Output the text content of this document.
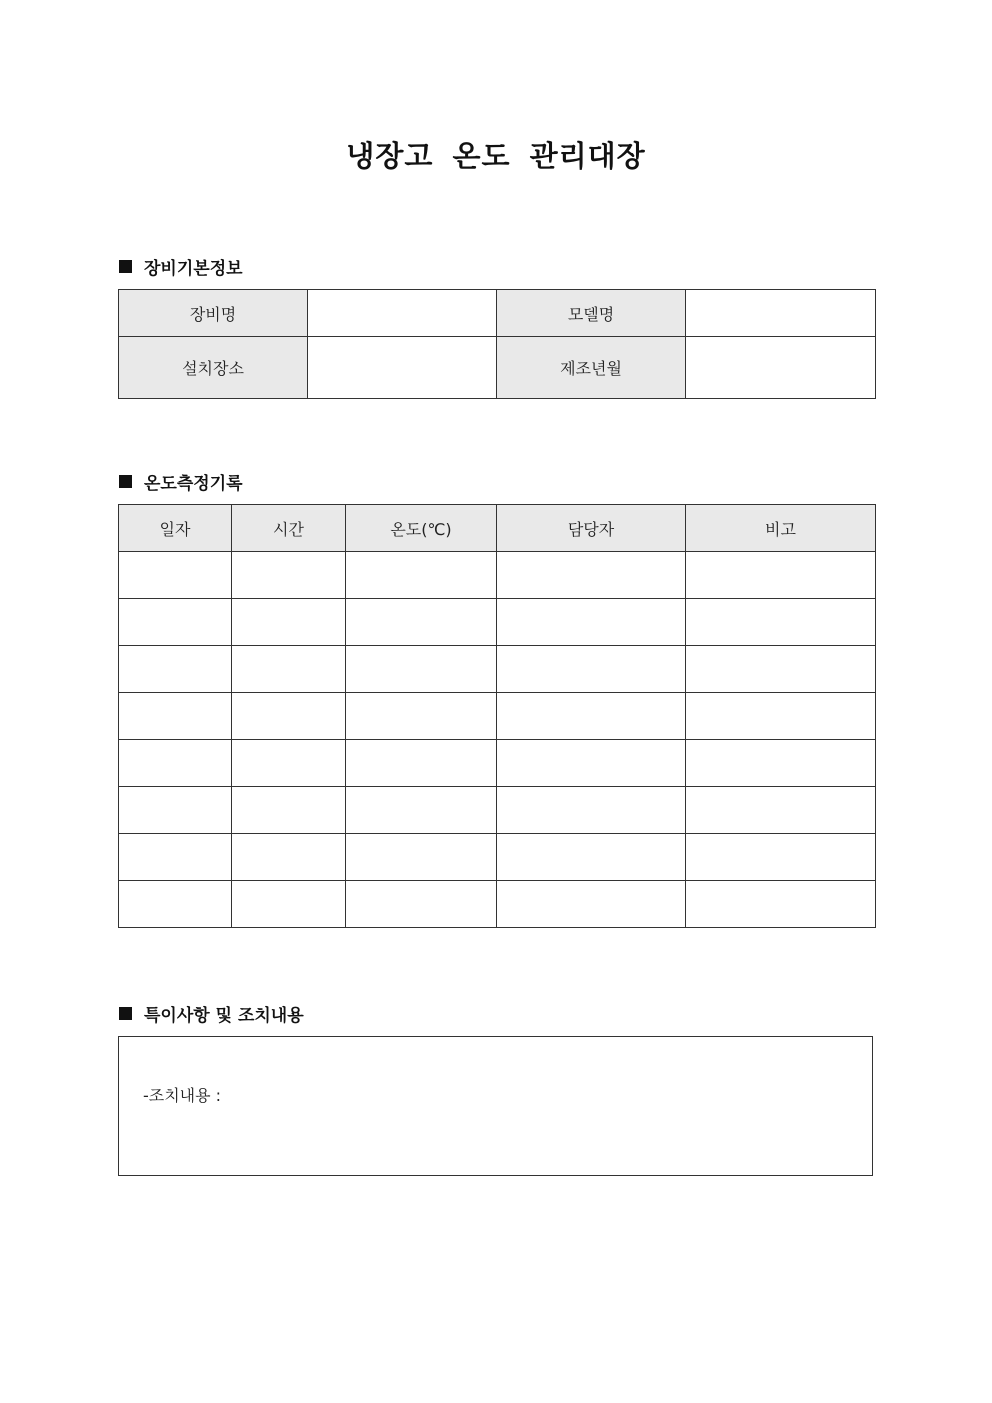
냉장고 온도 관리대장
장비기본정보
장비명		모델명	
설치장소		제조년월	
온도측정기록
일자	시간	온도(℃)	담당자	비고

특이사항 및 조치내용
-조치내용 :
